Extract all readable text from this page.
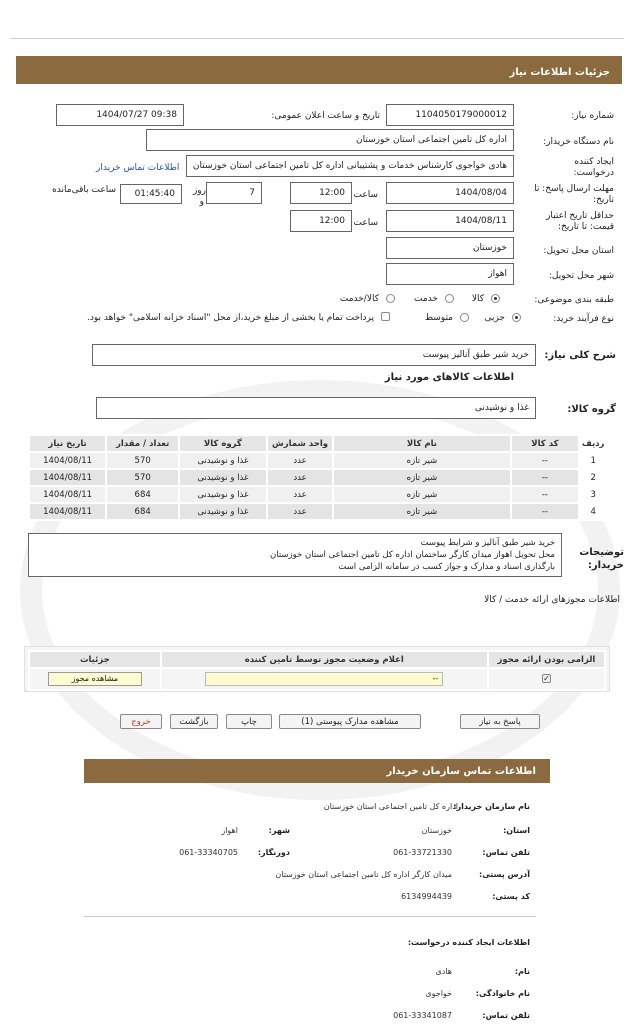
جزئیات اطلاعات نیاز
شماره نیاز:
1104050179000012
تاریخ و ساعت اعلان عمومی:
1404/07/27 09:38
نام دستگاه خریدار:
اداره کل تامین اجتماعی استان خوزستان
ایجاد کننده درخواست:
هادی خواجوی کارشناس خدمات و پشتیبانی اداره کل تامین اجتماعی استان خوزستان
اطلاعات تماس خریدار
مهلت ارسال پاسخ: تا تاریخ:
1404/08/04
ساعت
12:00
روز
و
7
01:45:40
ساعت باقی‌مانده
حداقل تاریخ اعتبار قیمت: تا تاریخ:
1404/08/11
ساعت
12:00
استان محل تحویل:
خوزستان
شهر محل تحویل:
اهواز
طبقه بندی موضوعی:
کالا
خدمت
کالا/خدمت
نوع فرآیند خرید:
جزیی
متوسط
پرداخت تمام یا بخشی از مبلغ خرید،از محل "اسناد خزانه اسلامی" خواهد بود.
شرح کلی نیاز:
خرید شیر طبق آنالیز پیوست
اطلاعات کالاهای مورد نیاز
گروه کالا:
غذا و نوشیدنی
ردیف	کد کالا	نام کالا	واحد شمارش	گروه کالا	تعداد / مقدار	تاریخ نیاز
1	--	شیر تازه	عدد	غذا و نوشیدنی	570	1404/08/11
2	--	شیر تازه	عدد	غذا و نوشیدنی	570	1404/08/11
3	--	شیر تازه	عدد	غذا و نوشیدنی	684	1404/08/11
4	--	شیر تازه	عدد	غذا و نوشیدنی	684	1404/08/11
توضیحات خریدار:
خرید شیر طبق آنالیز و شرایط پیوست
محل تحویل اهواز میدان کارگر ساختمان اداره کل تامین اجتماعی استان خوزستان
بارگذاری اسناد و مدارک و جواز کسب در سامانه الزامی است
اطلاعات مجوزهای ارائه خدمت / کالا
الزامی بودن ارائه مجوز	اعلام وضعیت مجوز توسط تامین کننده	جزئیات
✓	--	مشاهده مجوز
پاسخ به نیاز
مشاهده مدارک پیوستی (1)
چاپ
بازگشت
خروج
اطلاعات تماس سازمان خریدار
نام سازمان خریدار:
اداره کل تامین اجتماعی استان خوزستان
استان:
خوزستان
شهر:
اهواز
تلفن تماس:
061-33721330
دورنگار:
061-33340705
آدرس پستی:
میدان کارگر اداره کل تامین اجتماعی استان خوزستان
کد پستی:
6134994439
اطلاعات ایجاد کننده درخواست:
نام:
هادی
نام خانوادگی:
خواجوی
تلفن تماس:
061-33341087
